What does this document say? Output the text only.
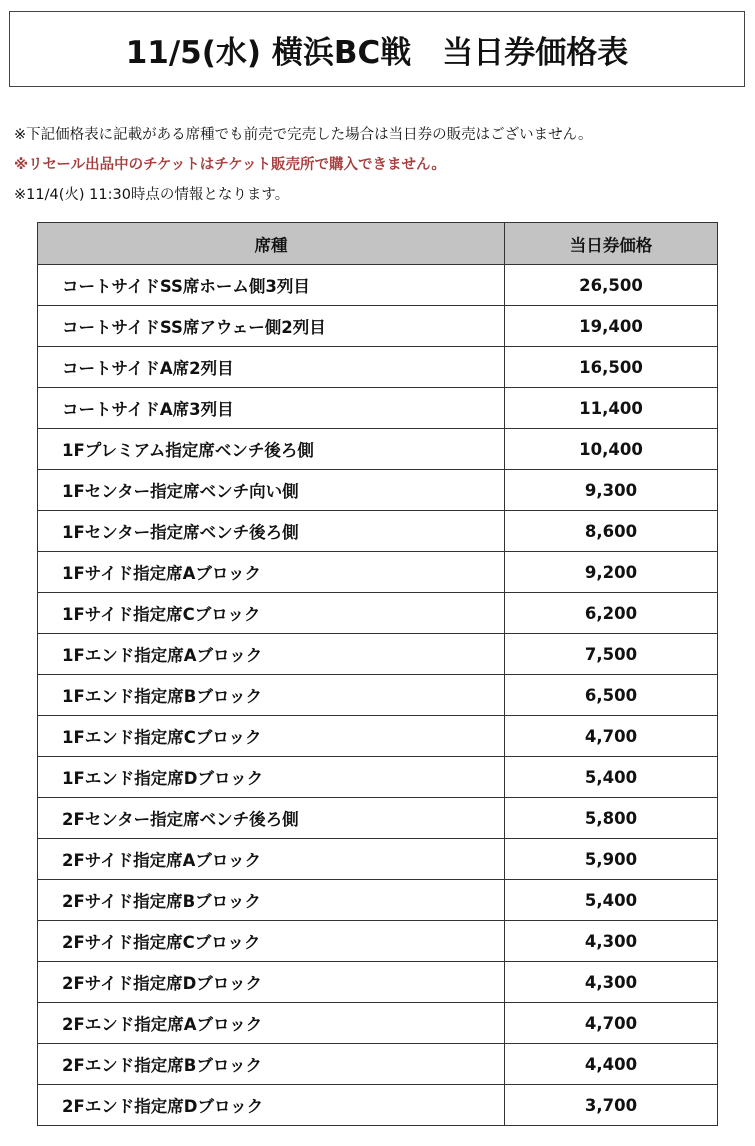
11/5(水) 横浜BC戦　当日券価格表
※下記価格表に記載がある席種でも前売で完売した場合は当日券の販売はございません。
※リセール出品中のチケットはチケット販売所で購入できません。
※11/4(火) 11:30時点の情報となります。
席種	当日券価格
コートサイドSS席ホーム側3列目	26,500
コートサイドSS席アウェー側2列目	19,400
コートサイドA席2列目	16,500
コートサイドA席3列目	11,400
1Fプレミアム指定席ベンチ後ろ側	10,400
1Fセンター指定席ベンチ向い側	9,300
1Fセンター指定席ベンチ後ろ側	8,600
1Fサイド指定席Aブロック	9,200
1Fサイド指定席Cブロック	6,200
1Fエンド指定席Aブロック	7,500
1Fエンド指定席Bブロック	6,500
1Fエンド指定席Cブロック	4,700
1Fエンド指定席Dブロック	5,400
2Fセンター指定席ベンチ後ろ側	5,800
2Fサイド指定席Aブロック	5,900
2Fサイド指定席Bブロック	5,400
2Fサイド指定席Cブロック	4,300
2Fサイド指定席Dブロック	4,300
2Fエンド指定席Aブロック	4,700
2Fエンド指定席Bブロック	4,400
2Fエンド指定席Dブロック	3,700
